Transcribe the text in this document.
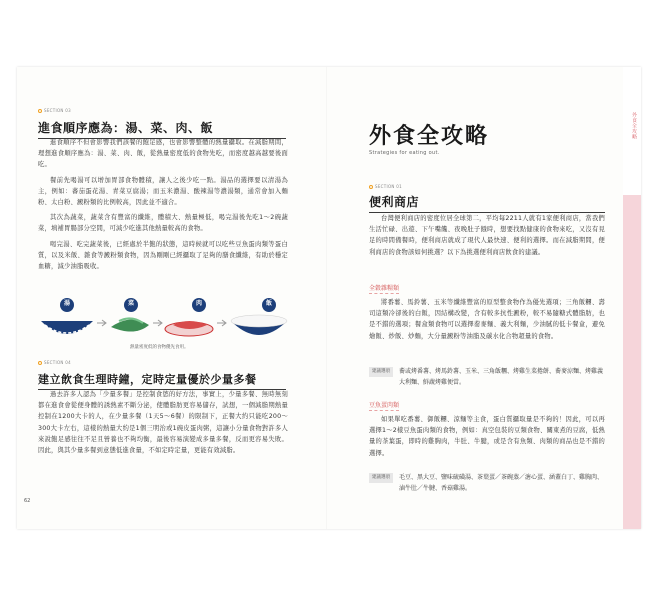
外食全攻略
SECTION 03
進食順序應為：湯、菜、肉、飯

進食順序不但會影響我們該餐的飽足感，也會影響整體的熱量攝取。在減脂期間，理想進食順序應為：湯、菜、肉、飯，從熱量密度低的食物先吃，而密度越高越要後面吃。

餐前先喝湯可以增加胃部食物體積，讓人之後少吃一點。湯品的選擇要以清湯為主，例如：蕃茄蛋花湯、青菜豆腐湯；而玉米濃湯、酸辣湯等濃湯類，通常會加入麵粉、太白粉、澱粉類的比例較高，因此並不適合。

其次為蔬菜，蔬菜含有豐富的纖維，體積大、熱量極低，喝完湯後先吃1～2碗蔬菜，填補胃腸部分空間，可減少吃進其他熱量較高的食物。

喝完湯、吃完蔬菜後，已經處於半飽的狀態，這時候就可以吃些豆魚蛋肉類等蛋白質，以及米飯、雜食等澱粉類食物，因為剛剛已經攝取了足夠的膳食纖維，有助於穩定血糖，減少油脂吸收。

湯	菜	肉	飯
熱量密度低的食物優先食用。
SECTION 04
建立飲食生理時鐘，定時定量優於少量多餐

過去許多人認為「少量多餐」是控制食慾的好方法，事實上，少量多餐、無時無刻都在進食會從便身體的誘熱素不斷分泌，使體脂肪更容易儲存，試想，一個減脂期熱量控制在1200大卡的人，在少量多餐（1天5～6餐）的限制下，正餐大約只能吃200～300大卡左右，這樣的熱量大約是1個三明治或1碗皮蛋肉粥，這讓小分量食物對許多人來說飽足感往往不足且營養也不夠均衡，最後容易演變成多量多餐，反而更容易失敗。因此，與其少量多餐到意態低進食量，不如定時定量，更能有效減脂。

62
外食全攻略
Strategies for eating out.
SECTION 01
便利商店

台灣便利商店的密度位居全球第二，平均每2211人就有1家便利商店，當我們生活忙碌、出遊、下午嘴饞、夜晚肚子餓時，想要找點健康的食物來吃，又沒有見足的時間備餐時，便利商店就成了現代人最快速、便利的選擇。而在減脂期間，便利商店的食物該如何挑選？以下為挑選便利商店飲食的建議。

全穀雜糧類

將番薯、馬鈴薯、玉米等纖維豐富的原型整食物作為優先選項；三角飯糰、壽司這類冷卻後的白飯，因結構改變，含有較多抗性澱粉，較不易隨糖式體脂肪，也是不錯的選項；餐盒類食物可以選擇蕎麥麵、義大利麵，少油膩的低卡餐盒，避免燴飯、炒飯、炒麵，大分量澱粉等油脂及碳水化合物超量的食物。

建議選項	蕎或烤番薯、烤馬鈴薯、玉米、三角飯糰、烤雞生菜捲餅、蕎麥涼麵、烤雞義大利麵、鮮蔬烤雞便當。
豆魚蛋肉類

如果單吃番薯、御飯糰、涼麵等主食，蛋白質攝取量是不夠的！因此，可以再選擇1～2樣豆魚蛋肉類的食物，例如：真空包裝的豆類食物、關東煮的豆腐，低熱量的茶葉蛋，即時的雞胸肉，牛肚、牛腱，或是含有魚類、肉類的商品也是不錯的選擇。

建議選項	毛豆、黑大豆、鹽味硫磺湯、茶葉蛋／茶碗蒸／溏心蛋、涵蓋白丁、雞胸肉、滷牛肚／牛腱、香菇雞湯。
